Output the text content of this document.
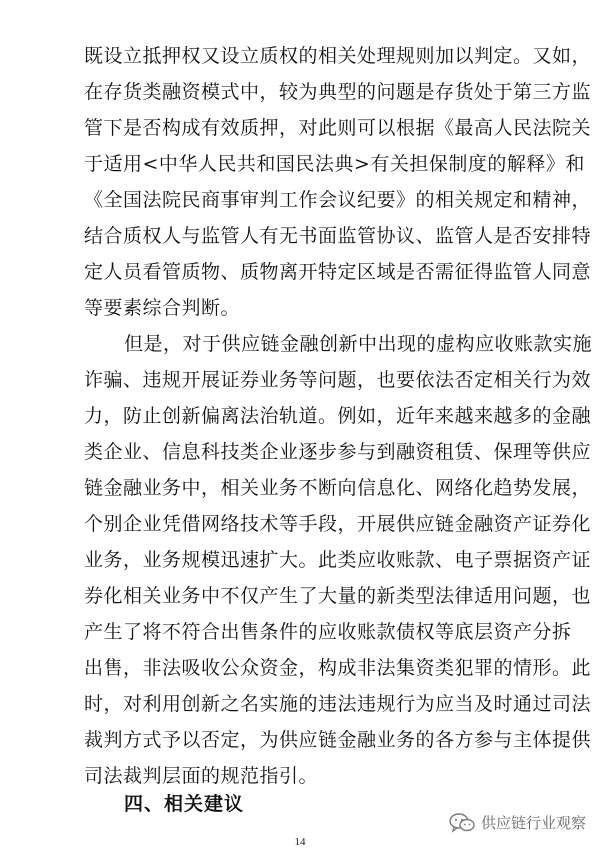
既设立抵押权又设立质权的相关处理规则加以判定。又如，
在存货类融资模式中，较为典型的问题是存货处于第三方监
管下是否构成有效质押，对此则可以根据《最高人民法院关
于适用<中华人民共和国民法典>有关担保制度的解释》和
《全国法院民商事审判工作会议纪要》的相关规定和精神，
结合质权人与监管人有无书面监管协议、监管人是否安排特
定人员看管质物、质物离开特定区域是否需征得监管人同意
等要素综合判断。
但是，对于供应链金融创新中出现的虚构应收账款实施
诈骗、违规开展证券业务等问题，也要依法否定相关行为效
力，防止创新偏离法治轨道。例如，近年来越来越多的金融
类企业、信息科技类企业逐步参与到融资租赁、保理等供应
链金融业务中，相关业务不断向信息化、网络化趋势发展，
个别企业凭借网络技术等手段，开展供应链金融资产证券化
业务，业务规模迅速扩大。此类应收账款、电子票据资产证
券化相关业务中不仅产生了大量的新类型法律适用问题，也
产生了将不符合出售条件的应收账款债权等底层资产分拆
出售，非法吸收公众资金，构成非法集资类犯罪的情形。此
时，对利用创新之名实施的违法违规行为应当及时通过司法
裁判方式予以否定，为供应链金融业务的各方参与主体提供
司法裁判层面的规范指引。
四、相关建议
14
供应链行业观察
